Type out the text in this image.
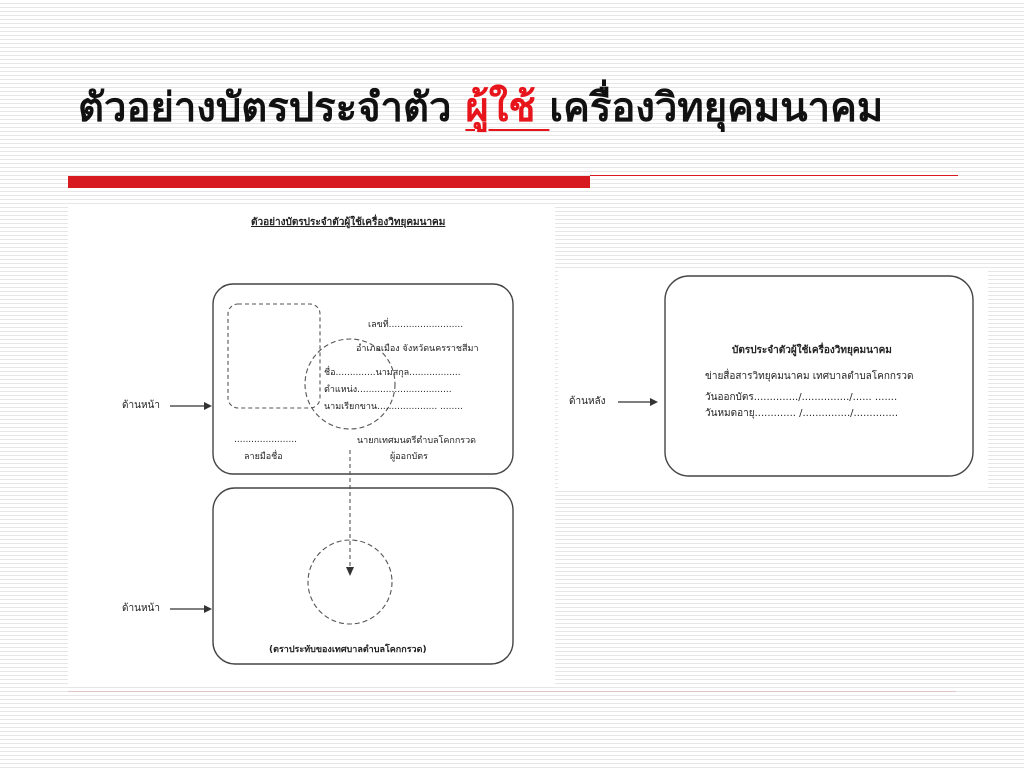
ตัวอย่างบัตรประจำตัว ผู้ใช้ เครื่องวิทยุคมนาคม
ตัวอย่างบัตรประจำตัวผู้ใช้เครื่องวิทยุคมนาคม
เลขที่..........................
อำเภอเมือง จังหวัดนครราชสีมา
ชื่อ..............นามสกุล..................
ตำแหน่ง.................................
นามเรียกขาน..................... ........
......................
ลายมือชื่อ
นายกเทศมนตรีตำบลโคกกรวด
ผู้ออกบัตร
(ตราประทับของเทศบาลตำบลโคกกรวด)
ด้านหน้า
ด้านหน้า
ด้านหลัง
บัตรประจำตัวผู้ใช้เครื่องวิทยุคมนาคม
ข่ายสื่อสารวิทยุคมนาคม เทศบาลตำบลโคกกรวด
วันออกบัตร............../.............../...... .......
วันหมดอายุ............. /.............../..............
